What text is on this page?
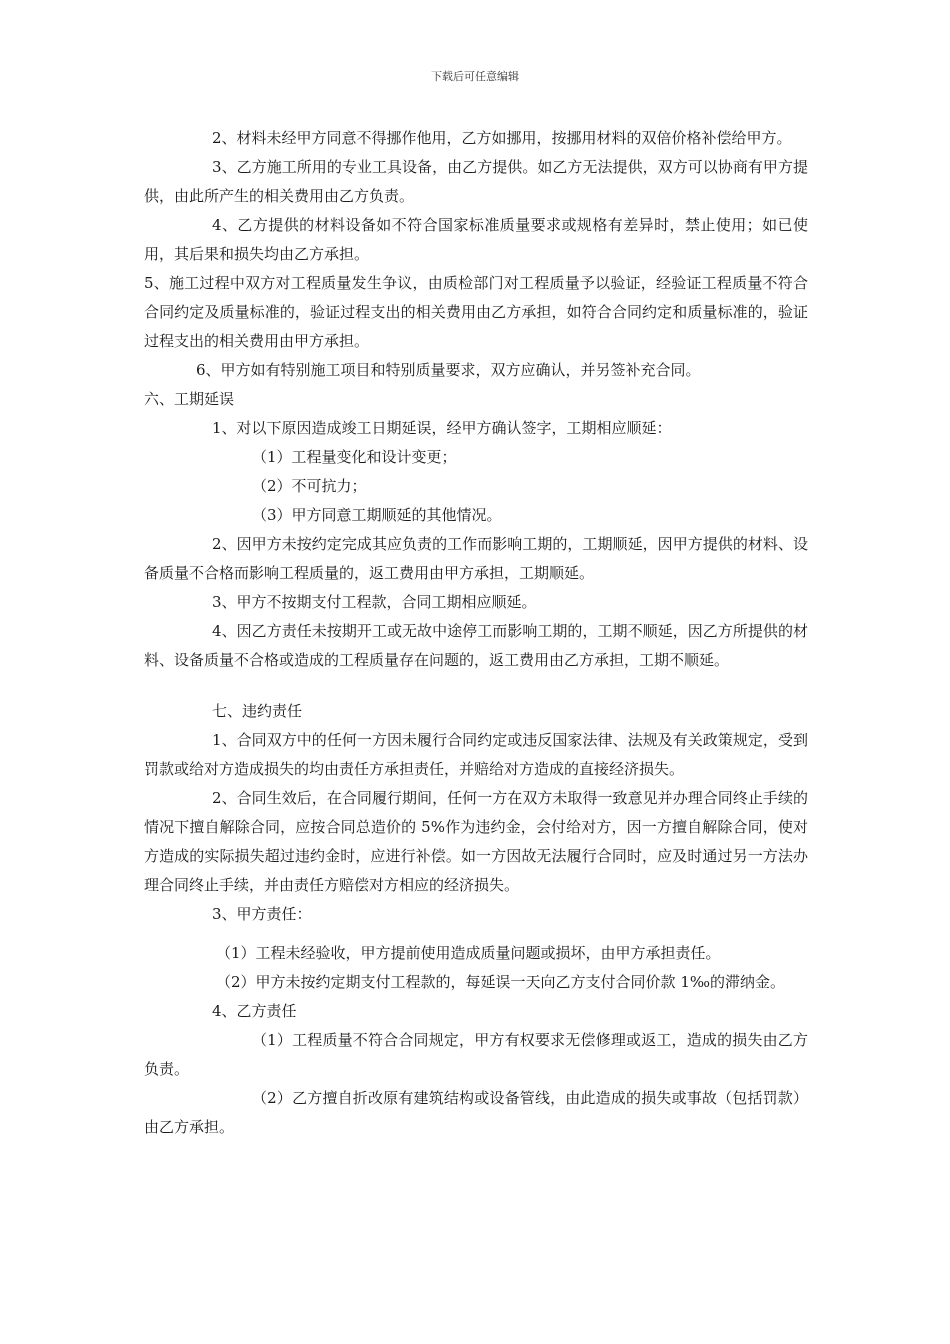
下载后可任意编辑

2、材料未经甲方同意不得挪作他用，乙方如挪用，按挪用材料的双倍价格补偿给甲方。

3、乙方施工所用的专业工具设备，由乙方提供。如乙方无法提供，双方可以协商有甲方提供，由此所产生的相关费用由乙方负责。

4、乙方提供的材料设备如不符合国家标准质量要求或规格有差异时，禁止使用；如已使用，其后果和损失均由乙方承担。

5、施工过程中双方对工程质量发生争议，由质检部门对工程质量予以验证，经验证工程质量不符合合同约定及质量标准的，验证过程支出的相关费用由乙方承担，如符合合同约定和质量标准的，验证过程支出的相关费用由甲方承担。

6、甲方如有特别施工项目和特别质量要求，双方应确认，并另签补充合同。

六、工期延误

1、对以下原因造成竣工日期延误，经甲方确认签字，工期相应顺延：

（1）工程量变化和设计变更；

（2）不可抗力；

（3）甲方同意工期顺延的其他情况。

2、因甲方未按约定完成其应负责的工作而影响工期的，工期顺延，因甲方提供的材料、设备质量不合格而影响工程质量的，返工费用由甲方承担，工期顺延。

3、甲方不按期支付工程款，合同工期相应顺延。

4、因乙方责任未按期开工或无故中途停工而影响工期的，工期不顺延，因乙方所提供的材料、设备质量不合格或造成的工程质量存在问题的，返工费用由乙方承担，工期不顺延。

七、违约责任

1、合同双方中的任何一方因未履行合同约定或违反国家法律、法规及有关政策规定，受到罚款或给对方造成损失的均由责任方承担责任，并赔给对方造成的直接经济损失。

2、合同生效后，在合同履行期间，任何一方在双方未取得一致意见并办理合同终止手续的情况下擅自解除合同，应按合同总造价的 5%作为违约金，会付给对方，因一方擅自解除合同，使对方造成的实际损失超过违约金时，应进行补偿。如一方因故无法履行合同时，应及时通过另一方法办理合同终止手续，并由责任方赔偿对方相应的经济损失。

3、甲方责任：

（1）工程未经验收，甲方提前使用造成质量问题或损坏，由甲方承担责任。

（2）甲方未按约定期支付工程款的，每延误一天向乙方支付合同价款 1‰的滞纳金。

4、乙方责任

（1）工程质量不符合合同规定，甲方有权要求无偿修理或返工，造成的损失由乙方负责。

（2）乙方擅自折改原有建筑结构或设备管线，由此造成的损失或事故（包括罚款）由乙方承担。
